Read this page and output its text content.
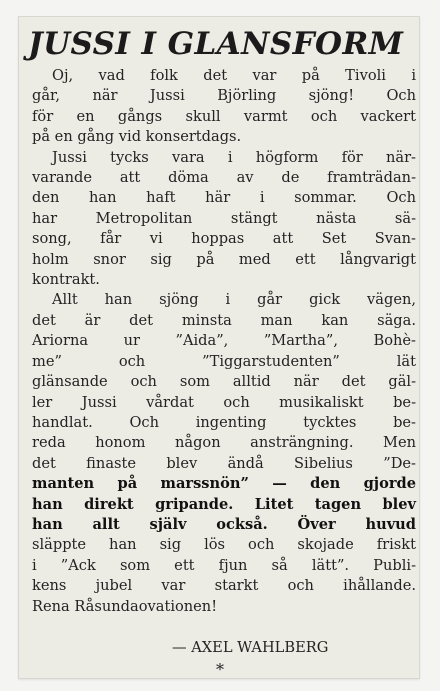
JUSSI I GLANSFORM
Oj, vad folk det var på Tivoli i
går, när Jussi Björling sjöng! Och
för en gångs skull varmt och vackert
på en gång vid konsertdags.
Jussi tycks vara i högform för när-
varande att döma av de framträdan-
den han haft här i sommar. Och
har Metropolitan stängt nästa sä-
song, får vi hoppas att Set Svan-
holm snor sig på med ett långvarigt
kontrakt.
Allt han sjöng i går gick vägen,
det är det minsta man kan säga.
Ariorna ur ”Aida”, ”Martha”, Bohè-
me” och ”Tiggarstudenten” lät
glänsande och som alltid när det gäl-
ler Jussi vårdat och musikaliskt be-
handlat. Och ingenting tycktes be-
reda honom någon ansträngning. Men
det finaste blev ändå Sibelius ”De-
manten på marssnön” — den gjorde
han direkt gripande. Litet tagen blev
han allt själv också. Över huvud
släppte han sig lös och skojade friskt
i ”Ack som ett fjun så lätt”. Publi-
kens jubel var starkt och ihållande.
Rena Råsundaovationen!
— AXEL WAHLBERG
*
